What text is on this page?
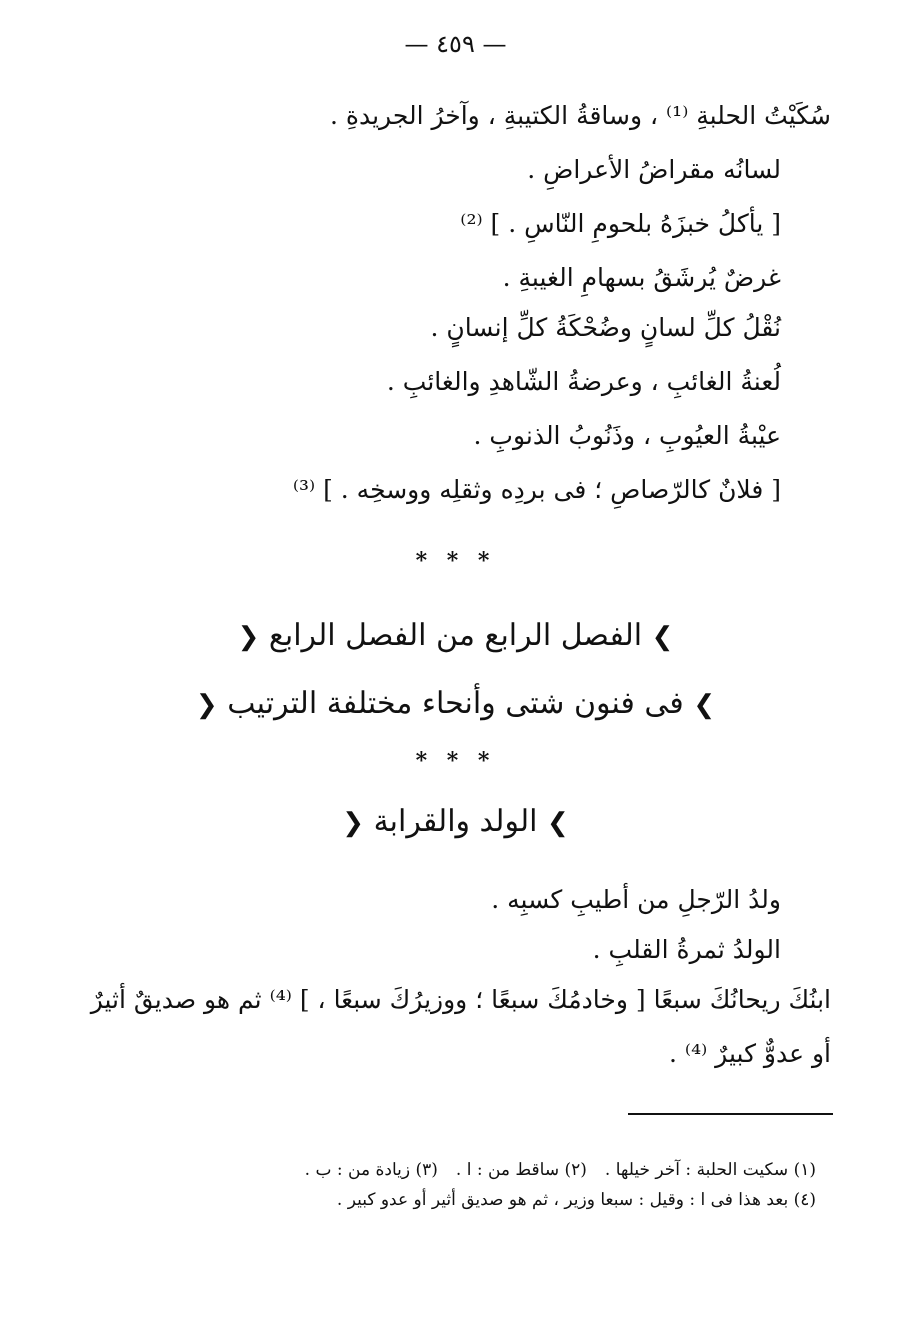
— ٤٥٩ —
سُكَيْتُ الحلبةِ ⁽¹⁾ ، وساقةُ الكتيبةِ ، وآخرُ الجريدةِ .
لسانُه مقراضُ الأعراضِ .
[ يأكلُ خبزَهُ بلحومِ النّاسِ . ] ⁽²⁾
غرضٌ يُرشَقُ بسهامِ الغيبةِ .
نُقْلُ كلِّ لسانٍ وضُحْكَةُ كلِّ إنسانٍ .
لُعنةُ الغائبِ ، وعرضةُ الشّاهدِ والغائبِ .
عيْبةُ العيُوبِ ، وذَنُوبُ الذنوبِ .
[ فلانٌ كالرّصاصِ ؛ فى بردِه وثقلِه ووسخِه . ] ⁽³⁾
* * *
❯ الفصل الرابع من الفصل الرابع ❮
❯ فى فنون شتى وأنحاء مختلفة الترتيب ❮
* * *
❯ الولد والقرابة ❮
ولدُ الرّجلِ من أطيبِ كسبِه .
الولدُ ثمرةُ القلبِ .
ابنُكَ ريحانُكَ سبعًا [ وخادمُكَ سبعًا ؛ ووزيرُكَ سبعًا ، ] ⁽⁴⁾ ثم هو صديقٌ أثيرٌ
أو عدوٌّ كبيرٌ ⁽⁴⁾ .
(١) سكيت الحلبة : آخر خيلها .(٢) ساقط من : ا .(٣) زيادة من : ب .
(٤) بعد هذا فى ا : وقيل : سبعا وزير ، ثم هو صديق أثير أو عدو كبير .
